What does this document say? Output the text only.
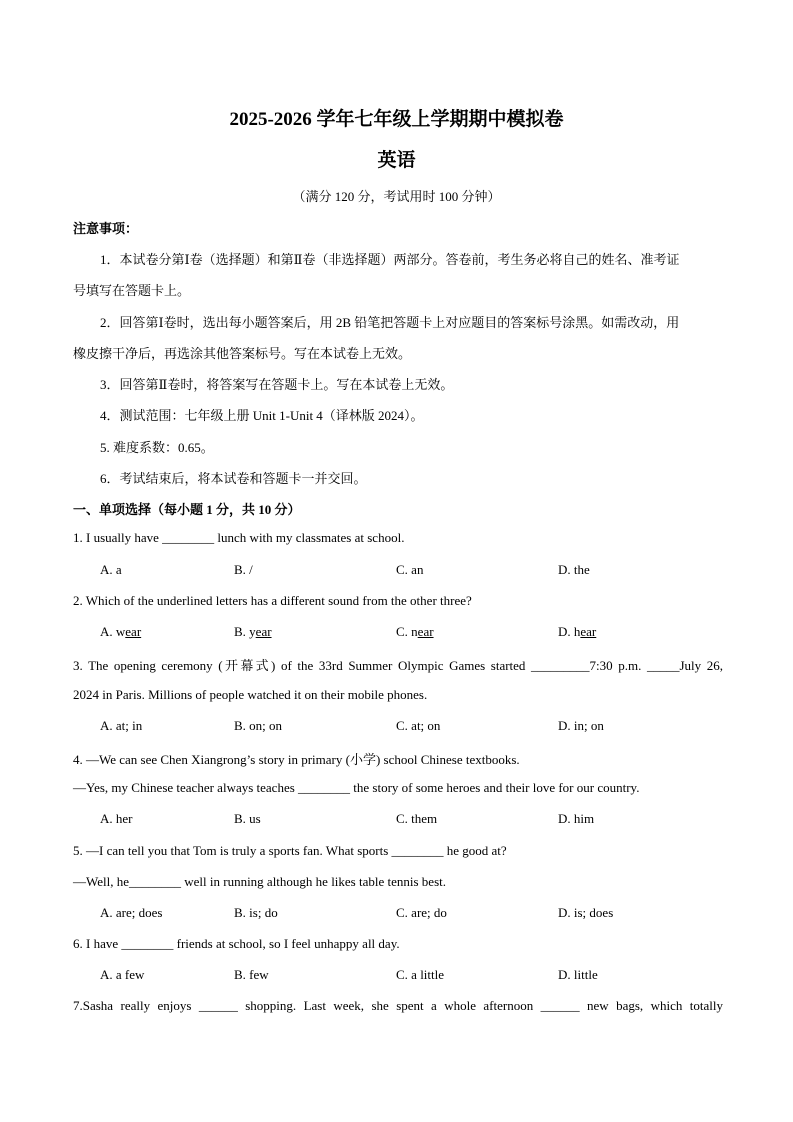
2025-2026 学年七年级上学期期中模拟卷
英语
（满分 120 分，考试用时 100 分钟）
注意事项：
1．本试卷分第Ⅰ卷（选择题）和第Ⅱ卷（非选择题）两部分。答卷前，考生务必将自己的姓名、准考证
号填写在答题卡上。
2．回答第Ⅰ卷时，选出每小题答案后，用 2B 铅笔把答题卡上对应题目的答案标号涂黑。如需改动，用
橡皮擦干净后，再选涂其他答案标号。写在本试卷上无效。
3．回答第Ⅱ卷时，将答案写在答题卡上。写在本试卷上无效。
4．测试范围：七年级上册 Unit 1-Unit 4（译林版 2024）。
5. 难度系数：0.65。
6．考试结束后，将本试卷和答题卡一并交回。
一、单项选择（每小题 1 分，共 10 分）
1. I usually have ________ lunch with my classmates at school.
A. a	B. /	C. an	D. the
2. Which of the underlined letters has a different sound from the other three?
A. wear	B. year	C. near	D. hear
3. The opening ceremony (开幕式) of the 33rd Summer Olympic Games started _________7:30 p.m. _____July 26,
2024 in Paris. Millions of people watched it on their mobile phones.
A. at; in	B. on; on	C. at; on	D. in; on
4. —We can see Chen Xiangrong’s story in primary (小学) school Chinese textbooks.
—Yes, my Chinese teacher always teaches ________ the story of some heroes and their love for our country.
A. her	B. us	C. them	D. him
5. —I can tell you that Tom is truly a sports fan. What sports ________ he good at?
—Well, he________ well in running although he likes table tennis best.
A. are; does	B. is; do	C. are; do	D. is; does
6. I have ________ friends at school, so I feel unhappy all day.
A. a few	B. few	C. a little	D. little
7.Sasha really enjoys ______ shopping. Last week, she spent a whole afternoon ______ new bags, which totally
